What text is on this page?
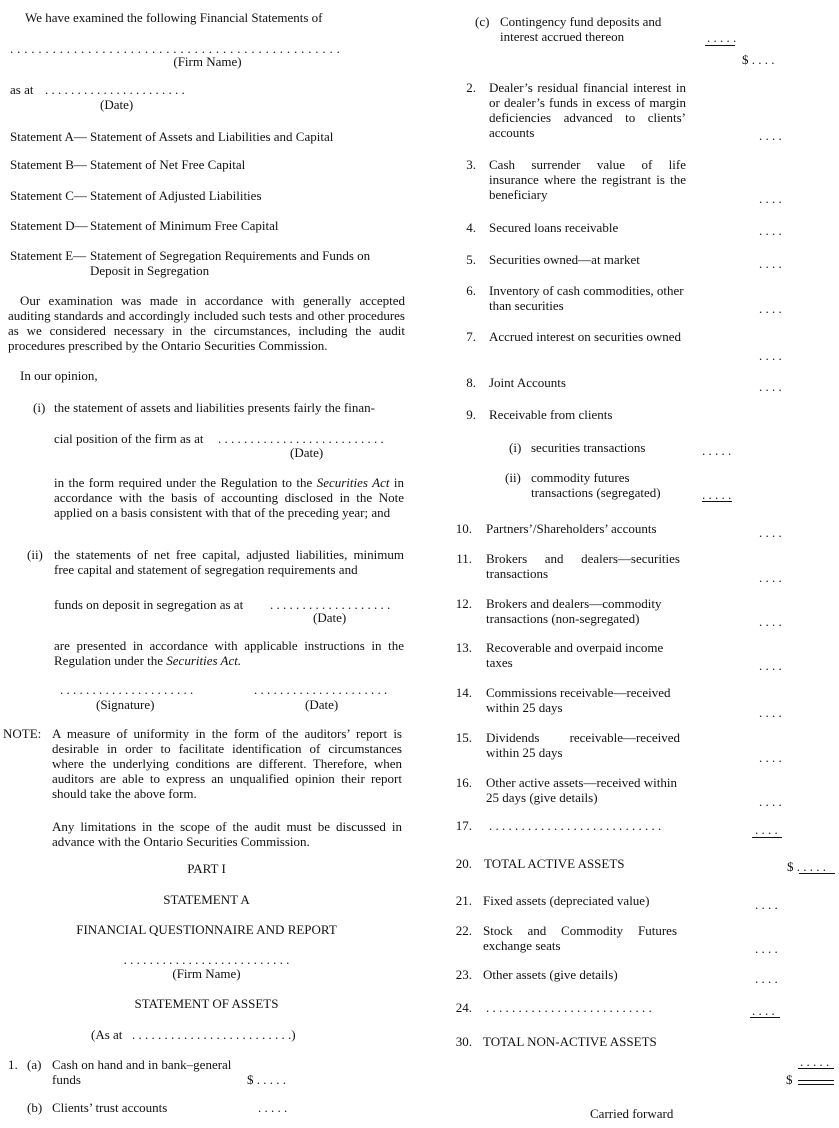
We have examined the following Financial Statements of
. . . . . . . . . . . . . . . . . . . . . . . . . . . . . . . . . . . . . . . . . . . . . . .
(Firm Name)
as at . . . . . . . . . . . . . . . . . . . . . .
(Date)
Statement A— Statement of Assets and Liabilities and Capital
Statement B— Statement of Net Free Capital
Statement C— Statement of Adjusted Liabilities
Statement D— Statement of Minimum Free Capital
Statement E— Statement of Segregation Requirements and Funds on Deposit in Segregation
Our examination was made in accordance with generally accepted auditing standards and accordingly included such tests and other procedures as we considered necessary in the circumstances, including the audit procedures prescribed by the Ontario Securities Commission.
In our opinion,
(i) the statement of assets and liabilities presents fairly the finan-
cial position of the firm as at . . . . . . . . . . . . . . . . . . . . . . . . . .
(Date)
in the form required under the Regulation to the Securities Act in accordance with the basis of accounting disclosed in the Note applied on a basis consistent with that of the preceding year; and
(ii) the statements of net free capital, adjusted liabilities, minimum free capital and statement of segregation requirements and
funds on deposit in segregation as at . . . . . . . . . . . . . . . . . . .
(Date)
are presented in accordance with applicable instructions in the Regulation under the Securities Act.
. . . . . . . . . . . . . . . . . . . . .
(Signature)
. . . . . . . . . . . . . . . . . . . . .
(Date)
NOTE: A measure of uniformity in the form of the auditors’ report is desirable in order to facilitate identification of circumstances where the underlying conditions are different. Therefore, when auditors are able to express an unqualified opinion their report should take the above form.
Any limitations in the scope of the audit must be discussed in advance with the Ontario Securities Commission.
PART I
STATEMENT A
FINANCIAL QUESTIONNAIRE AND REPORT
. . . . . . . . . . . . . . . . . . . . . . . . . .
(Firm Name)
STATEMENT OF ASSETS
(As at . . . . . . . . . . . . . . . . . . . . . . . . .)
1. (a) Cash on hand and in bank–general funds	$ . . . . .
(b) Clients’ trust accounts	. . . . .
(c) Contingency fund deposits and interest accrued thereon	. . . . .
$ . . . .
2. Dealer’s residual financial interest in or dealer’s funds in excess of margin deficiencies advanced to clients’ accounts	. . . .
3. Cash surrender value of life insurance where the registrant is the beneficiary	. . . .
4. Secured loans receivable	. . . .
5. Securities owned—at market	. . . .
6. Inventory of cash commodities, other than securities	. . . .
7. Accrued interest on securities owned
. . . .
8. Joint Accounts	. . . .
9. Receivable from clients
(i) securities transactions	. . . . .
(ii) commodity futures transactions (segregated)	. . . . .
10. Partners’/Shareholders’ accounts	. . . .
11. Brokers and dealers—securities transactions	. . . .
12. Brokers and dealers—commodity transactions (non-segregated)	. . . .
13. Recoverable and overpaid income taxes	. . . .
14. Commissions receivable—received within 25 days	. . . .
15. Dividends receivable—received within 25 days	. . . .
16. Other active assets—received within 25 days (give details)	. . . .
17. . . . . . . . . . . . . . . . . . . . . . . . . . . .	. . . .
20. TOTAL ACTIVE ASSETS	$ . . . . .
21. Fixed assets (depreciated value)	. . . .
22. Stock and Commodity Futures exchange seats	. . . .
23. Other assets (give details)	. . . .
24. . . . . . . . . . . . . . . . . . . . . . . . . . .	. . . .
30. TOTAL NON-ACTIVE ASSETS
. . . . .
$
Carried forward
